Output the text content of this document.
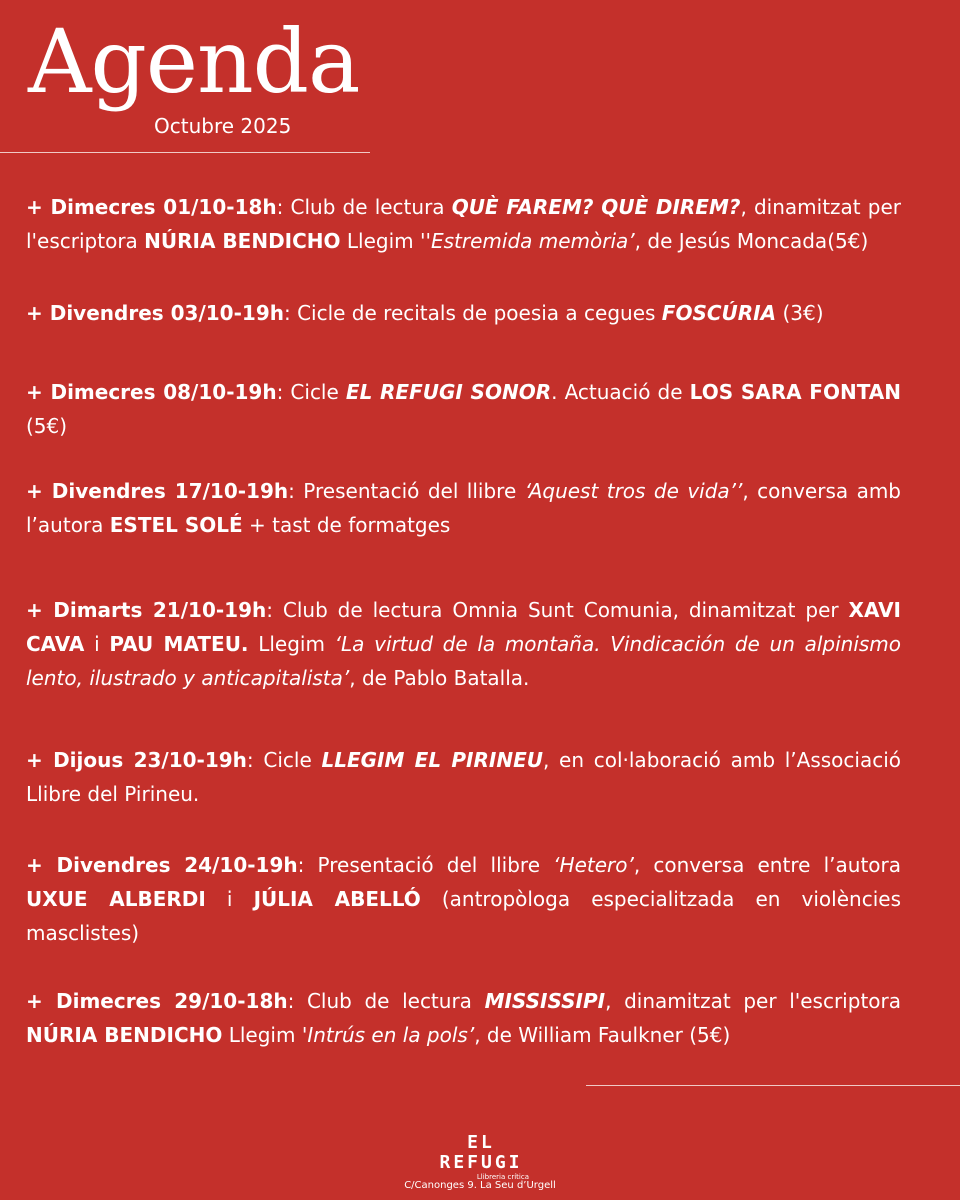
Agenda
Octubre 2025

+ Dimecres 01/10-18h: Club de lectura QUÈ FAREM? QUÈ DIREM?, dinamitzat per l'escriptora NÚRIA BENDICHO Llegim ''Estremida memòria’, de Jesús Moncada(5€)

+ Divendres 03/10-19h: Cicle de recitals de poesia a cegues FOSCÚRIA (3€)

+ Dimecres 08/10-19h: Cicle EL REFUGI SONOR. Actuació de LOS SARA FONTAN (5€)

+ Divendres 17/10-19h: Presentació del llibre ‘Aquest tros de vida’’, conversa amb l’autora ESTEL SOLÉ + tast de formatges

+ Dimarts 21/10-19h: Club de lectura Omnia Sunt Comunia, dinamitzat per XAVI CAVA i PAU MATEU. Llegim ‘La virtud de la montaña. Vindicación de un alpinismo lento, ilustrado y anticapitalista’, de Pablo Batalla.

+ Dijous 23/10-19h: Cicle LLEGIM EL PIRINEU, en col·laboració amb l’Associació Llibre del Pirineu.

+ Divendres 24/10-19h: Presentació del llibre ‘Hetero’, conversa entre l’autora UXUE ALBERDI i JÚLIA ABELLÓ (antropòloga especialitzada en violències masclistes)

+ Dimecres 29/10-18h: Club de lectura MISSISSIPI, dinamitzat per l'escriptora NÚRIA BENDICHO Llegim 'Intrús en la pols’, de William Faulkner (5€)

EL REFUGI
Llibreria crítica
C/Canonges 9. La Seu d’Urgell
